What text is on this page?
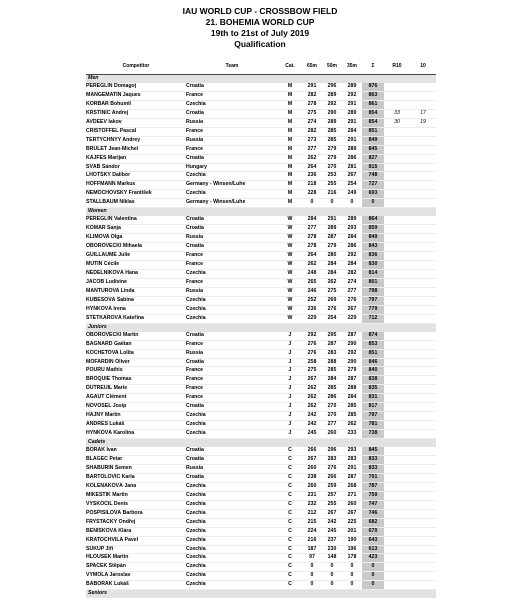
IAU WORLD CUP - CROSSBOW FIELD
21. BOHEMIA WORLD CUP
19th to 21st of July 2019
Qualification
Competitor	Team	Cat.	65m	50m	35m	Σ	R10	10
Men								
PEREGLIN Domagoj	Croatia	M	291	296	289	876		
MANGEMATIN Jaques	France	M	282	289	292	863		
KORBAŘ Bohumil	Czechia	M	278	292	291	861		
KRSTINIĆ Andrej	Croatia	M	275	290	289	854	33	17
AVDEEV Iakov	Russia	M	274	289	291	854	30	19
CRISTOFFEL Pascal	France	M	282	285	284	851		
TERTYCHNYY Andrey	Russia	M	273	285	291	849		
BRULET Jean-Michel	France	M	277	279	289	845		
KAJFEŠ Marijan	Croatia	M	262	279	286	827		
SVÁB Sándor	Hungary	M	264	270	281	815		
LHOTSKÝ Dalibor	Czechia	M	236	253	267	748		
HOFFMANN Markus	Germany - Winsen/Luhe	M	218	255	254	727		
NEMOCHOVSKÝ František	Czechia	M	228	216	249	693		
STALLBAUM Niklas	Germany - Winsen/Luhe	M	0	0	0	0		
Women								
PEREGLIN Valentina	Croatia	W	284	291	289	864		
KOMAR Sanja	Croatia	W	277	289	293	859		
KLIMOVA Olga	Russia	W	278	287	284	849		
OBOROVEČKI Mihaela	Croatia	W	278	279	286	843		
GUILLAUME Julie	France	W	264	280	292	836		
MUTIN Cécile	France	W	262	284	284	830		
NEDĚLNÍKOVÁ Hana	Czechia	W	248	284	282	814		
JACOB Ludivine	France	W	265	262	274	801		
MANTUROVA Linda	Russia	W	246	275	277	798		
KUBESOVÁ Sabina	Czechia	W	252	269	276	797		
HYNKOVÁ Irena	Czechia	W	236	276	267	779		
ŠTĚTKÁŘOVÁ Kateřina	Czechia	W	229	254	229	712		
Juniors								
OBOROVEČKI Martin	Croatia	J	292	295	287	874		
BAGNARD Gaëtan	France	J	276	287	290	853		
KOCHETOVA Lolita	Russia	J	276	283	292	851		
MOFARDIN Oliver	Croatia	J	258	288	290	846		
POURU Mathis	France	J	275	285	279	840		
BROQUIE Thomas	France	J	267	284	287	838		
DUTREUIL Marie	France	J	262	285	288	835		
AGAUT Clément	France	J	262	286	284	831		
NOVOSEL Josip	Croatia	J	262	270	285	817		
HAJNÝ Martin	Czechia	J	242	270	285	797		
ANDRÉS Lukáš	Czechia	J	242	277	262	781		
HYNKOVÁ Karolína	Czechia	J	245	260	233	738		
Cadets								
BORAK Ivan	Croatia	C	266	296	293	845		
BLAGEC Petar	Croatia	C	267	283	283	833		
SHABURIN Semen	Russia	C	260	276	291	833		
BARTOLOVIĆ Karla	Croatia	C	238	266	287	791		
KOLEŇÁKOVÁ Jana	Czechia	C	260	259	268	787		
MIKEŠTÍK Martin	Czechia	C	231	257	271	759		
VYSKOČIL Denis	Czechia	C	232	255	260	747		
POSPÍŠILOVÁ Barbora	Czechia	C	212	267	267	746		
FRYŠTACKÝ Ondřej	Czechia	C	215	242	225	682		
BENIŠKOVÁ Klára	Czechia	C	224	245	201	670		
KRATOCHVÍLA Pavel	Czechia	C	216	237	190	643		
SUKUP Jiří	Czechia	C	187	230	196	613		
HLOUŠEK Martin	Czechia	C	97	148	178	423		
ŠPAČEK Štěpán	Czechia	C	0	0	0	0		
VÝMOLA Jaroslav	Czechia	C	0	0	0	0		
BABORÁK Lukáš	Czechia	C	0	0	0	0		
Seniors								
